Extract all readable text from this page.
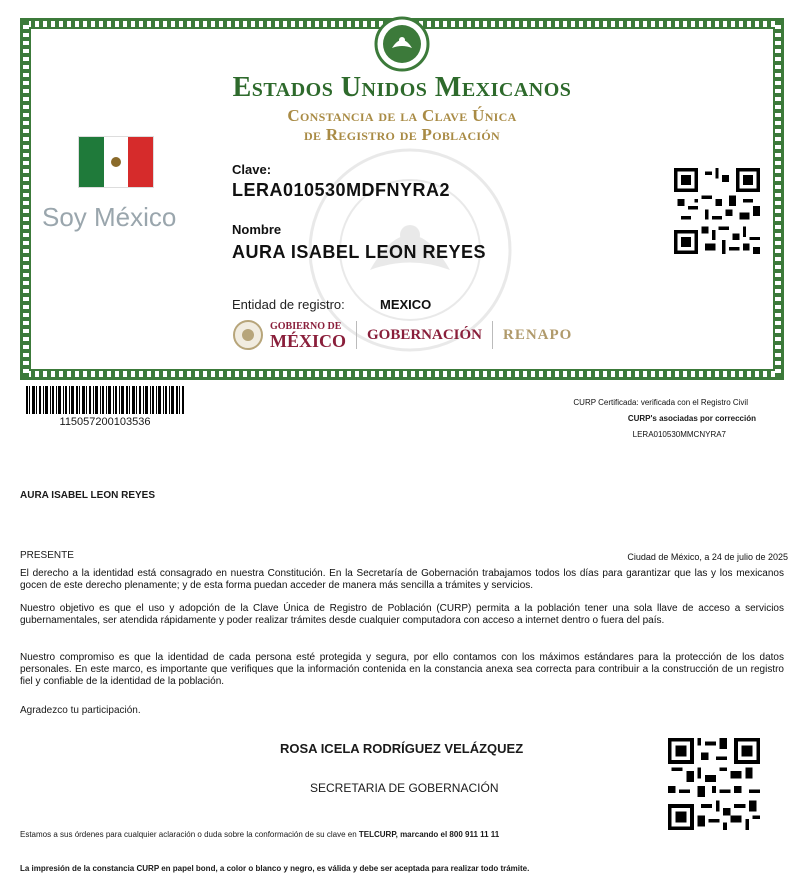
Estados Unidos Mexicanos
Constancia de la Clave Única
de Registro de Población
Soy México
Clave:
LERA010530MDFNYRA2
Nombre
AURA ISABEL LEON REYES
Entidad de registro:	MEXICO
GOBIERNO DE
MÉXICO GOBERNACIÓN RENAPO
115057200103536
CURP Certificada: verificada con el Registro Civil
CURP's asociadas por corrección
LERA010530MMCNYRA7
AURA ISABEL LEON REYES
PRESENTE	Ciudad de México, a 24 de julio de 2025
El derecho a la identidad está consagrado en nuestra Constitución. En la Secretaría de Gobernación trabajamos todos los días para garantizar que las y los mexicanos gocen de este derecho plenamente; y de esta forma puedan acceder de manera más sencilla a trámites y servicios.
Nuestro objetivo es que el uso y adopción de la Clave Única de Registro de Población (CURP) permita a la población tener una sola llave de acceso a servicios gubernamentales, ser atendida rápidamente y poder realizar trámites desde cualquier computadora con acceso a internet dentro o fuera del país.
Nuestro compromiso es que la identidad de cada persona esté protegida y segura, por ello contamos con los máximos estándares para la protección de los datos personales. En este marco, es importante que verifiques que la información contenida en la constancia anexa sea correcta para contribuir a la construcción de un registro fiel y confiable de la identidad de la población.
Agradezco tu participación.
ROSA ICELA RODRÍGUEZ VELÁZQUEZ
SECRETARIA DE GOBERNACIÓN
Estamos a sus órdenes para cualquier aclaración o duda sobre la conformación de su clave en TELCURP, marcando el 800 911 11 11
La impresión de la constancia CURP en papel bond, a color o blanco y negro, es válida y debe ser aceptada para realizar todo trámite.
